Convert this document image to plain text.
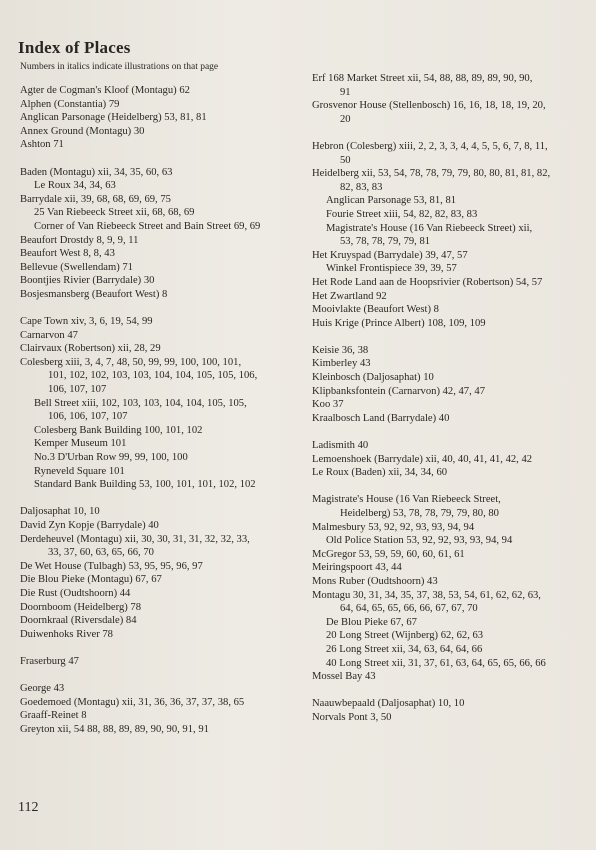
Index of Places
Numbers in italics indicate illustrations on that page
Agter de Cogman's Kloof (Montagu) 62
Alphen (Constantia) 79
Anglican Parsonage (Heidelberg) 53, 81, 81
Annex Ground (Montagu) 30
Ashton 71
Baden (Montagu) xii, 34, 35, 60, 63
Le Roux 34, 34, 63
Barrydale xii, 39, 68, 68, 69, 69, 75
25 Van Riebeeck Street xii, 68, 68, 69
Corner of Van Riebeeck Street and Bain Street 69, 69
Beaufort Drostdy 8, 9, 9, 11
Beaufort West 8, 8, 43
Bellevue (Swellendam) 71
Boontjies Rivier (Barrydale) 30
Bosjesmansberg (Beaufort West) 8
Cape Town xiv, 3, 6, 19, 54, 99
Carnarvon 47
Clairvaux (Robertson) xii, 28, 29
Colesberg xiii, 3, 4, 7, 48, 50, 99, 99, 100, 100, 101,
101, 102, 102, 103, 103, 104, 104, 105, 105, 106,
106, 107, 107
Bell Street xiii, 102, 103, 103, 104, 104, 105, 105,
106, 106, 107, 107
Colesberg Bank Building 100, 101, 102
Kemper Museum 101
No.3 D'Urban Row 99, 99, 100, 100
Ryneveld Square 101
Standard Bank Building 53, 100, 101, 101, 102, 102
Daljosaphat 10, 10
David Zyn Kopje (Barrydale) 40
Derdeheuvel (Montagu) xii, 30, 30, 31, 31, 32, 32, 33,
33, 37, 60, 63, 65, 66, 70
De Wet House (Tulbagh) 53, 95, 95, 96, 97
Die Blou Pieke (Montagu) 67, 67
Die Rust (Oudtshoorn) 44
Doornboom (Heidelberg) 78
Doornkraal (Riversdale) 84
Duiwenhoks River 78
Fraserburg 47
George 43
Goedemoed (Montagu) xii, 31, 36, 36, 37, 37, 38, 65
Graaff-Reinet 8
Greyton xii, 54 88, 88, 89, 89, 90, 90, 91, 91
Erf 168 Market Street xii, 54, 88, 88, 89, 89, 90, 90,
91
Grosvenor House (Stellenbosch) 16, 16, 18, 18, 19, 20,
20
Hebron (Colesberg) xiii, 2, 2, 3, 3, 4, 4, 5, 5, 6, 7, 8, 11,
50
Heidelberg xii, 53, 54, 78, 78, 79, 79, 80, 80, 81, 81, 82,
82, 83, 83
Anglican Parsonage 53, 81, 81
Fourie Street xiii, 54, 82, 82, 83, 83
Magistrate's House (16 Van Riebeeck Street) xii,
53, 78, 78, 79, 79, 81
Het Kruyspad (Barrydale) 39, 47, 57
Winkel Frontispiece 39, 39, 57
Het Rode Land aan de Hoopsrivier (Robertson) 54, 57
Het Zwartland 92
Mooivlakte (Beaufort West) 8
Huis Krige (Prince Albert) 108, 109, 109
Keisie 36, 38
Kimberley 43
Kleinbosch (Daljosaphat) 10
Klipbanksfontein (Carnarvon) 42, 47, 47
Koo 37
Kraalbosch Land (Barrydale) 40
Ladismith 40
Lemoenshoek (Barrydale) xii, 40, 40, 41, 41, 42, 42
Le Roux (Baden) xii, 34, 34, 60
Magistrate's House (16 Van Riebeeck Street,
Heidelberg) 53, 78, 78, 79, 79, 80, 80
Malmesbury 53, 92, 92, 93, 93, 94, 94
Old Police Station 53, 92, 92, 93, 93, 94, 94
McGregor 53, 59, 59, 60, 60, 61, 61
Meiringspoort 43, 44
Mons Ruber (Oudtshoorn) 43
Montagu 30, 31, 34, 35, 37, 38, 53, 54, 61, 62, 62, 63,
64, 64, 65, 65, 66, 66, 67, 67, 70
De Blou Pieke 67, 67
20 Long Street (Wijnberg) 62, 62, 63
26 Long Street xii, 34, 63, 64, 64, 66
40 Long Street xii, 31, 37, 61, 63, 64, 65, 65, 66, 66
Mossel Bay 43
Naauwbepaald (Daljosaphat) 10, 10
Norvals Pont 3, 50
112
